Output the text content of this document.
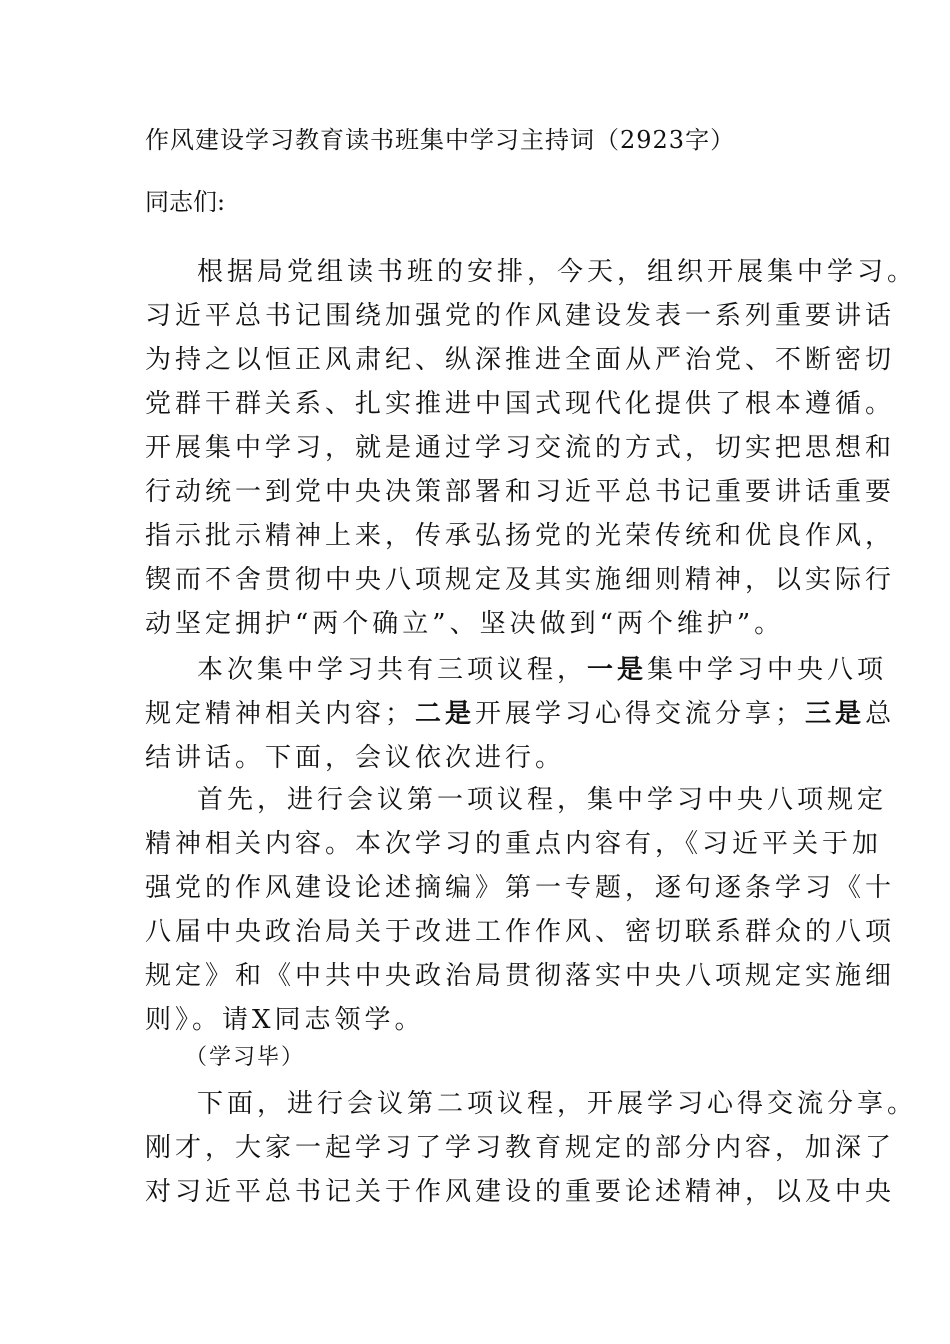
作风建设学习教育读书班集中学习主持词（2923字）
同志们:
根据局党组读书班的安排，今天，组织开展集中学习。
习近平总书记围绕加强党的作风建设发表一系列重要讲话
为持之以恒正风肃纪、纵深推进全面从严治党、不断密切
党群干群关系、扎实推进中国式现代化提供了根本遵循。
开展集中学习，就是通过学习交流的方式，切实把思想和
行动统一到党中央决策部署和习近平总书记重要讲话重要
指示批示精神上来，传承弘扬党的光荣传统和优良作风，
锲而不舍贯彻中央八项规定及其实施细则精神，以实际行
动坚定拥护“两个确立”、坚决做到“两个维护”。
本次集中学习共有三项议程，一是集中学习中央八项
规定精神相关内容；二是开展学习心得交流分享；三是总
结讲话。下面，会议依次进行。
首先，进行会议第一项议程，集中学习中央八项规定
精神相关内容。本次学习的重点内容有，《习近平关于加
强党的作风建设论述摘编》第一专题，逐句逐条学习《十
八届中央政治局关于改进工作作风、密切联系群众的八项
规定》和《中共中央政治局贯彻落实中央八项规定实施细
则》。请X同志领学。
（学习毕）
下面，进行会议第二项议程，开展学习心得交流分享。
刚才，大家一起学习了学习教育规定的部分内容，加深了
对习近平总书记关于作风建设的重要论述精神，以及中央
